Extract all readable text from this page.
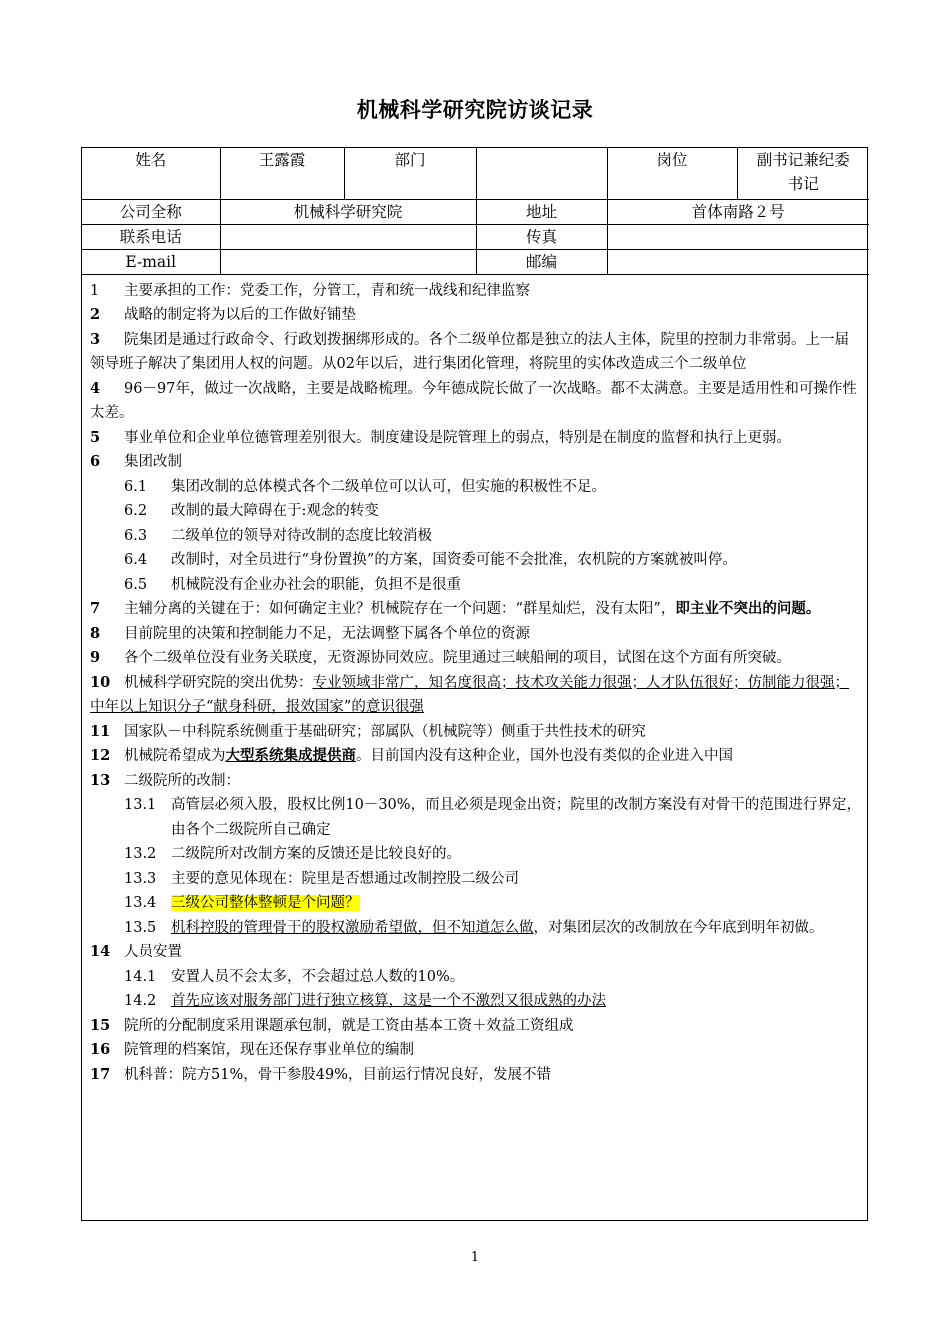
机械科学研究院访谈记录
姓名	王露霞	部门		岗位	副书记兼纪委书记
公司全称	机械科学研究院		地址	首体南路２号	
联系电话			传真		
E-mail			邮编		
1	主要承担的工作：党委工作，分管工，青和统一战线和纪律监察
2	战略的制定将为以后的工作做好铺垫
3 院集团是通过行政命令、行政划拨捆绑形成的。各个二级单位都是独立的法人主体，院里的控制力非常弱。上一届领导班子解决了集团用人权的问题。从02年以后，进行集团化管理，将院里的实体改造成三个二级单位
4 96－97年，做过一次战略，主要是战略梳理。今年德成院长做了一次战略。都不太满意。主要是适用性和可操作性太差。
5 事业单位和企业单位德管理差别很大。制度建设是院管理上的弱点，特别是在制度的监督和执行上更弱。
6	集团改制
6.1	集团改制的总体模式各个二级单位可以认可，但实施的积极性不足。
6.2	改制的最大障碍在于:观念的转变
6.3	二级单位的领导对待改制的态度比较消极
6.4	改制时，对全员进行“身份置换”的方案，国资委可能不会批准，农机院的方案就被叫停。
6.5	机械院没有企业办社会的职能，负担不是很重
7 主辅分离的关键在于：如何确定主业？机械院存在一个问题：“群星灿烂，没有太阳”，即主业不突出的问题。
8	目前院里的决策和控制能力不足，无法调整下属各个单位的资源
9 各个二级单位没有业务关联度，无资源协同效应。院里通过三峡船闸的项目，试图在这个方面有所突破。
10 机械科学研究院的突出优势：专业领域非常广，知名度很高；技术攻关能力很强；人才队伍很好；仿制能力很强；中年以上知识分子“献身科研，报效国家”的意识很强
11 国家队－中科院系统侧重于基础研究；部属队（机械院等）侧重于共性技术的研究
12 机械院希望成为大型系统集成提供商。目前国内没有这种企业，国外也没有类似的企业进入中国
13 二级院所的改制：
13.1	高管层必须入股，股权比例10－30%，而且必须是现金出资；院里的改制方案没有对骨干的范围进行界定，由各个二级院所自己确定
13.2	二级院所对改制方案的反馈还是比较良好的。
13.3	主要的意见体现在：院里是否想通过改制控股二级公司
13.4	三级公司整体整顿是个问题？
13.5	机科控股的管理骨干的股权激励希望做，但不知道怎么做，对集团层次的改制放在今年底到明年初做。
14 人员安置
14.1	安置人员不会太多，不会超过总人数的10%。
14.2	首先应该对服务部门进行独立核算，这是一个不激烈又很成熟的办法
15 院所的分配制度采用课题承包制，就是工资由基本工资＋效益工资组成
16 院管理的档案馆，现在还保存事业单位的编制
17 机科普：院方51%，骨干参股49%，目前运行情况良好，发展不错
1
